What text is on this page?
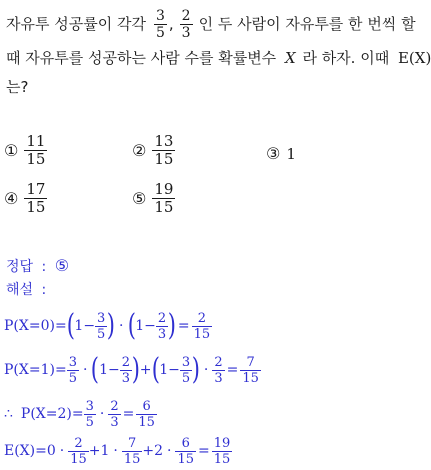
자유투 성공률이 각각 $\frac{3}{5}$ , $\frac{2}{3}$ 인 두 사람이 자유투를 한 번씩 할
때 자유투를 성공하는 사람 수를 확률변수 X 라 하자. 이때 E(X)
는?
① $\frac{11}{15}$	② $\frac{13}{15}$	③ 1
④ $\frac{17}{15}$	⑤ $\frac{19}{15}$
정답 : ⑤
해설 :
P(X=0)= ( $1- \frac{3}{5}$ ) · ( $1- \frac{2}{3}$ ) = $\frac{2}{15}$
$P(X=1)= \frac{3}{5}$ · ( $1- \frac{2}{3}$ ) + ( $1- \frac{3}{5}$ ) · $\frac{2}{3} = \frac{7}{15}$
∴ $P(X=2)= \frac{3}{5} \cdot \frac{2}{3} = \frac{6}{15}$
$E(X)=0 \cdot \frac{2}{15} +1 \cdot \frac{7}{15} +2 \cdot \frac{6}{15} = \frac{19}{15}$
